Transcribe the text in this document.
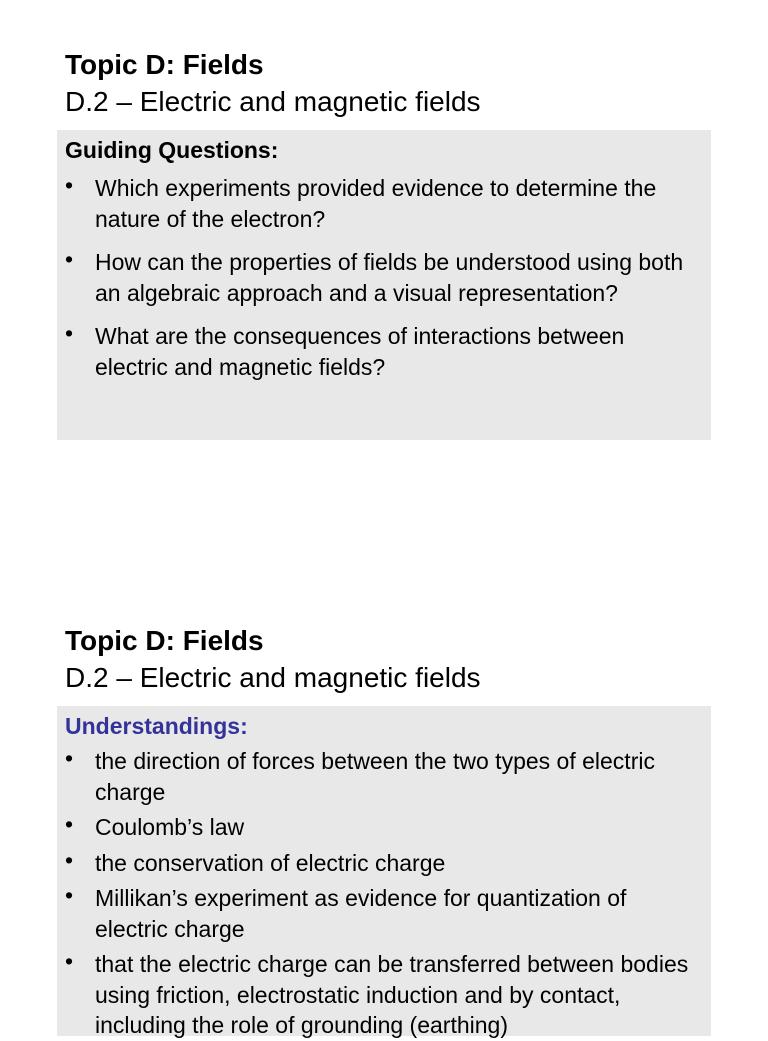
Topic D: Fields
D.2 – Electric and magnetic fields

Guiding Questions:

• Which experiments provided evidence to determine the nature of the electron?
• How can the properties of fields be understood using both an algebraic approach and a visual representation?
• What are the consequences of interactions between electric and magnetic fields?
Topic D: Fields
D.2 – Electric and magnetic fields

Understandings:

• the direction of forces between the two types of electric charge
• Coulomb’s law
• the conservation of electric charge
• Millikan’s experiment as evidence for quantization of electric charge
• that the electric charge can be transferred between bodies using friction, electrostatic induction and by contact, including the role of grounding (earthing)
